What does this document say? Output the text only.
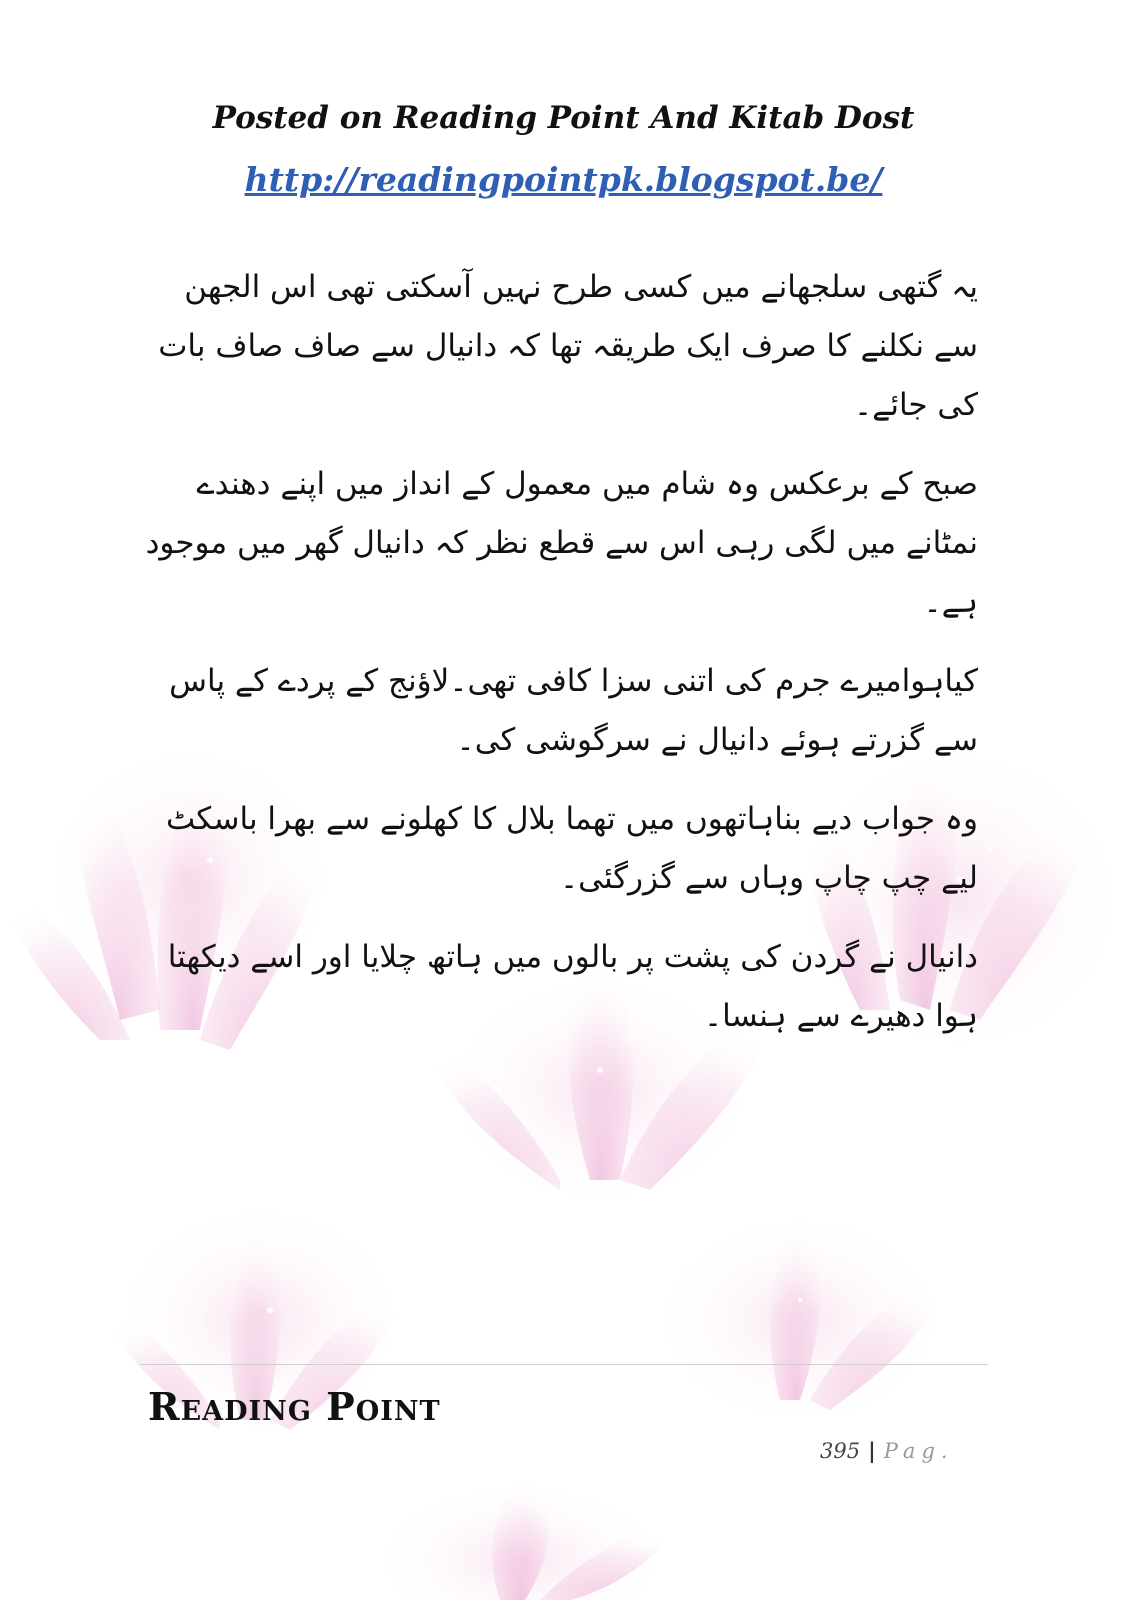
Posted on Reading Point And Kitab Dost
http://readingpointpk.blogspot.be/

یہ گتھی سلجھانے میں کسی طرح نہیں آسکتی تھی اس الجھن سے نکلنے کا صرف ایک طریقہ تھا کہ دانیال سے صاف صاف بات کی جائے۔

صبح کے برعکس وہ شام میں معمول کے انداز میں اپنے دھندے نمٹانے میں لگی رہی اس سے قطع نظر کہ دانیال گھر میں موجود ہے۔

کیاہوامیرے جرم کی اتنی سزا کافی تھی۔لاؤنج کے پردے کے پاس سے گزرتے ہوئے دانیال نے سرگوشی کی۔

وہ جواب دیے بناہاتھوں میں تھما بلال کا کھلونے سے بھرا باسکٹ لیے چپ چاپ وہاں سے گزرگئی۔

دانیال نے گردن کی پشت پر بالوں میں ہاتھ چلایا اور اسے دیکھتا ہوا دھیرے سے ہنسا۔

Reading Point
395 | Pag.
